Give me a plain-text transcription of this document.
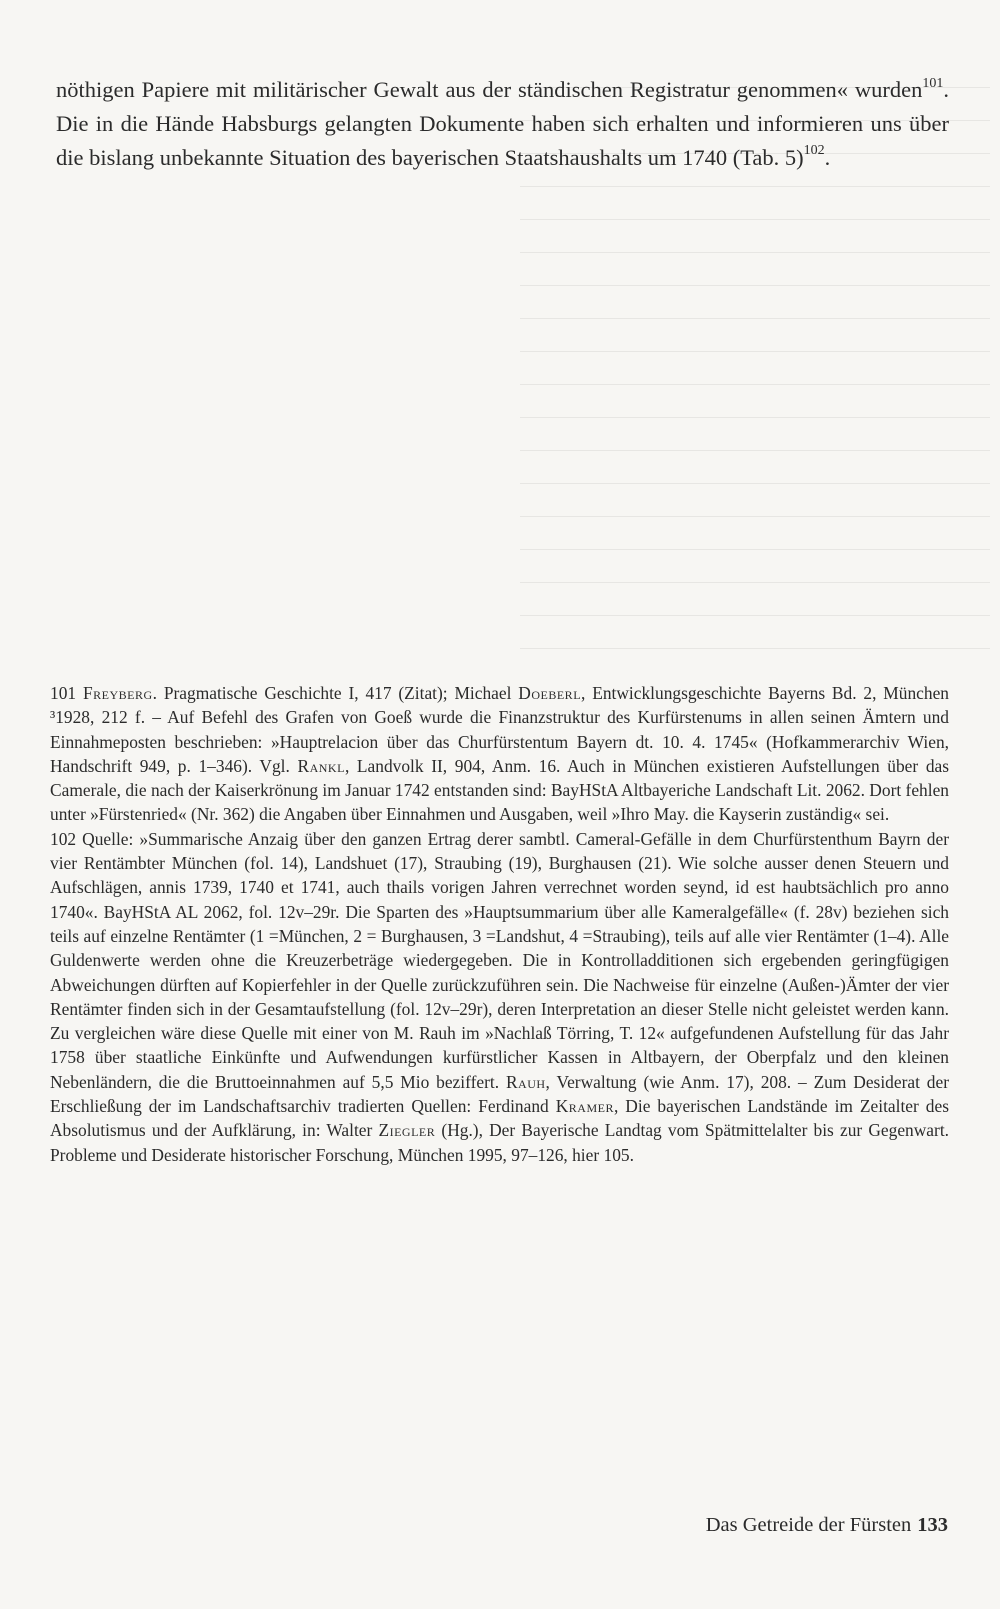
nöthigen Papiere mit militärischer Gewalt aus der ständischen Registratur genommen« wurden$^{101}$. Die in die Hände Habsburgs gelangten Dokumente haben sich erhalten und informieren uns über die bislang unbekannte Situation des bayerischen Staatshaushalts um 1740 (Tab. 5)$^{102}$.

101 Freyberg. Pragmatische Geschichte I, 417 (Zitat); Michael Doeberl, Entwicklungsgeschichte Bayerns Bd. 2, München ³1928, 212 f. – Auf Befehl des Grafen von Goeß wurde die Finanzstruktur des Kurfürstenums in allen seinen Ämtern und Einnahmeposten beschrieben: »Hauptrelacion über das Churfürstentum Bayern dt. 10. 4. 1745« (Hofkammerarchiv Wien, Handschrift 949, p. 1–346). Vgl. Rankl, Landvolk II, 904, Anm. 16. Auch in München existieren Aufstellungen über das Camerale, die nach der Kaiserkrönung im Januar 1742 entstanden sind: BayHStA Altbayeriche Landschaft Lit. 2062. Dort fehlen unter »Fürstenried« (Nr. 362) die Angaben über Einnahmen und Ausgaben, weil »Ihro May. die Kayserin zuständig« sei.

102 Quelle: »Summarische Anzaig über den ganzen Ertrag derer sambtl. Cameral-Gefälle in dem Churfürstenthum Bayrn der vier Rentämbter München (fol. 14), Landshuet (17), Straubing (19), Burghausen (21). Wie solche ausser denen Steuern und Aufschlägen, annis 1739, 1740 et 1741, auch thails vorigen Jahren verrechnet worden seynd, id est haubtsächlich pro anno 1740«. BayHStA AL 2062, fol. 12v–29r. Die Sparten des »Hauptsummarium über alle Kameralgefälle« (f. 28v) beziehen sich teils auf einzelne Rentämter (1 =München, 2 = Burghausen, 3 =Landshut, 4 =Straubing), teils auf alle vier Rentämter (1–4). Alle Guldenwerte werden ohne die Kreuzerbeträge wiedergegeben. Die in Kontrolladditionen sich ergebenden geringfügigen Abweichungen dürften auf Kopierfehler in der Quelle zurückzuführen sein. Die Nachweise für einzelne (Außen-)Ämter der vier Rentämter finden sich in der Gesamtaufstellung (fol. 12v–29r), deren Interpretation an dieser Stelle nicht geleistet werden kann. Zu vergleichen wäre diese Quelle mit einer von M. Rauh im »Nachlaß Törring, T. 12« aufgefundenen Aufstellung für das Jahr 1758 über staatliche Einkünfte und Aufwendungen kurfürstlicher Kassen in Altbayern, der Oberpfalz und den kleinen Nebenländern, die die Bruttoeinnahmen auf 5,5 Mio beziffert. Rauh, Verwaltung (wie Anm. 17), 208. – Zum Desiderat der Erschließung der im Landschaftsarchiv tradierten Quellen: Ferdinand Kramer, Die bayerischen Landstände im Zeitalter des Absolutismus und der Aufklärung, in: Walter Ziegler (Hg.), Der Bayerische Landtag vom Spätmittelalter bis zur Gegenwart. Probleme und Desiderate historischer Forschung, München 1995, 97–126, hier 105.

Das Getreide der Fürsten 133
